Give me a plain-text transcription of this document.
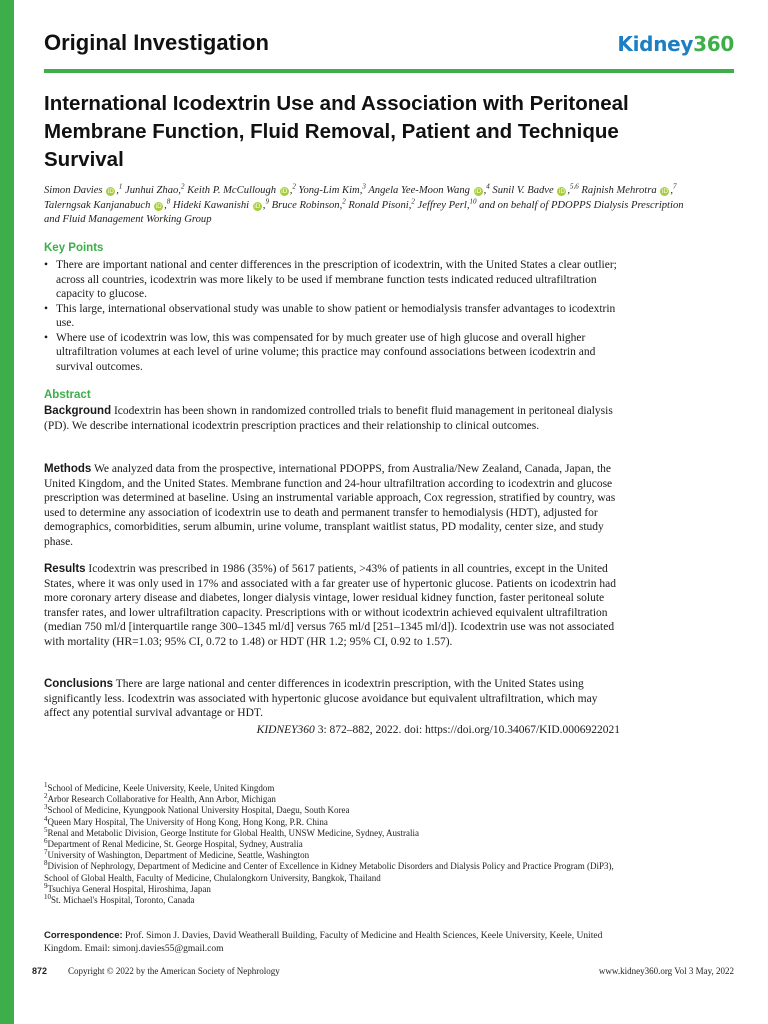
Original Investigation	Kidney360
International Icodextrin Use and Association with Peritoneal Membrane Function, Fluid Removal, Patient and Technique Survival
Simon Davies iD ,$^1$ Junhui Zhao,$^2$ Keith P. McCullough iD ,$^2$ Yong-Lim Kim,$^3$ Angela Yee-Moon Wang iD ,$^4$ Sunil V. Badve iD ,$^{5,6}$ Rajnish Mehrotra iD ,$^7$ Talerngsak Kanjanabuch iD ,$^8$ Hideki Kawanishi iD ,$^9$ Bruce Robinson,$^2$ Ronald Pisoni,$^2$ Jeffrey Perl,$^{10}$ and on behalf of PDOPPS Dialysis Prescription and Fluid Management Working Group
Key Points
• There are important national and center differences in the prescription of icodextrin, with the United States a clear outlier; across all countries, icodextrin was more likely to be used if membrane function tests indicated reduced ultrafiltration capacity to glucose.
• This large, international observational study was unable to show patient or hemodialysis transfer advantages to icodextrin use.
• Where use of icodextrin was low, this was compensated for by much greater use of high glucose and overall higher ultrafiltration volumes at each level of urine volume; this practice may confound associations between icodextrin and survival outcomes.
Abstract

Background Icodextrin has been shown in randomized controlled trials to benefit fluid management in peritoneal dialysis (PD). We describe international icodextrin prescription practices and their relationship to clinical outcomes.

Methods We analyzed data from the prospective, international PDOPPS, from Australia/New Zealand, Canada, Japan, the United Kingdom, and the United States. Membrane function and 24-hour ultrafiltration according to icodextrin and glucose prescription was determined at baseline. Using an instrumental variable approach, Cox regression, stratified by country, was used to determine any association of icodextrin use to death and permanent transfer to hemodialysis (HDT), adjusted for demographics, comorbidities, serum albumin, urine volume, transplant waitlist status, PD modality, center size, and study phase.

Results Icodextrin was prescribed in 1986 (35%) of 5617 patients, >43% of patients in all countries, except in the United States, where it was only used in 17% and associated with a far greater use of hypertonic glucose. Patients on icodextrin had more coronary artery disease and diabetes, longer dialysis vintage, lower residual kidney function, faster peritoneal solute transfer rates, and lower ultrafiltration capacity. Prescriptions with or without icodextrin achieved equivalent ultrafiltration (median 750 ml/d [interquartile range 300–1345 ml/d] versus 765 ml/d [251–1345 ml/d]). Icodextrin use was not associated with mortality (HR=1.03; 95% CI, 0.72 to 1.48) or HDT (HR 1.2; 95% CI, 0.92 to 1.57).

Conclusions There are large national and center differences in icodextrin prescription, with the United States using significantly less. Icodextrin was associated with hypertonic glucose avoidance but equivalent ultrafiltration, which may affect any potential survival advantage or HDT.

KIDNEY360 3: 872–882, 2022. doi: https://doi.org/10.34067/KID.0006922021
$^1$School of Medicine, Keele University, Keele, United Kingdom
$^2$Arbor Research Collaborative for Health, Ann Arbor, Michigan
$^3$School of Medicine, Kyungpook National University Hospital, Daegu, South Korea
$^4$Queen Mary Hospital, The University of Hong Kong, Hong Kong, P.R. China
$^5$Renal and Metabolic Division, George Institute for Global Health, UNSW Medicine, Sydney, Australia
$^6$Department of Renal Medicine, St. George Hospital, Sydney, Australia
$^7$University of Washington, Department of Medicine, Seattle, Washington
$^8$Division of Nephrology, Department of Medicine and Center of Excellence in Kidney Metabolic Disorders and Dialysis Policy and Practice Program (DiP3), School of Global Health, Faculty of Medicine, Chulalongkorn University, Bangkok, Thailand
$^9$Tsuchiya General Hospital, Hiroshima, Japan
$^{10}$St. Michael's Hospital, Toronto, Canada
Correspondence: Prof. Simon J. Davies, David Weatherall Building, Faculty of Medicine and Health Sciences, Keele University, Keele, United Kingdom. Email: simonj.davies55@gmail.com
872 Copyright © 2022 by the American Society of Nephrology	www.kidney360.org Vol 3 May, 2022
